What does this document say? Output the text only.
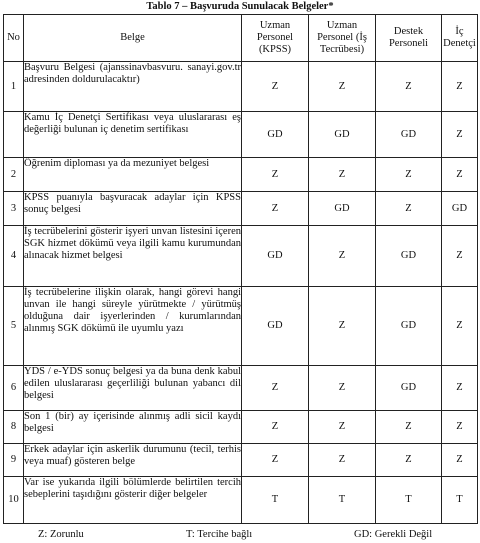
Tablo 7 – Başvuruda Sunulacak Belgeler*
No	Belge	Uzman Personel (KPSS)	Uzman Personel (İş Tecrübesi)	Destek Personeli	İç Denetçi
1	Başvuru Belgesi (ajanssinavbasvuru. sanayi.gov.tr adresinden doldurulacaktır)	Z	Z	Z	Z
	Kamu İç Denetçi Sertifikası veya uluslararası eş değerliği bulunan iç denetim sertifikası	GD	GD	GD	Z
2	Öğrenim diploması ya da mezuniyet belgesi	Z	Z	Z	Z
3	KPSS puanıyla başvuracak adaylar için KPSS sonuç belgesi	Z	GD	Z	GD
4	İş tecrübelerini gösterir işyeri unvan listesini içeren SGK hizmet dökümü veya ilgili kamu kurumundan alınacak hizmet belgesi	GD	Z	GD	Z
5	İş tecrübelerine ilişkin olarak, hangi görevi hangi unvan ile hangi süreyle yürütmekte / yürütmüş olduğuna dair işyerlerinden / kurumlarından alınmış SGK dökümü ile uyumlu yazı	GD	Z	GD	Z
6	YDS / e-YDS sonuç belgesi ya da buna denk kabul edilen uluslararası geçerliliği bulunan yabancı dil belgesi	Z	Z	GD	Z
8	Son 1 (bir) ay içerisinde alınmış adli sicil kaydı belgesi	Z	Z	Z	Z
9	Erkek adaylar için askerlik durumunu (tecil, terhis veya muaf) gösteren belge	Z	Z	Z	Z
10	Var ise yukarıda ilgili bölümlerde belirtilen tercih sebeplerini taşıdığını gösterir diğer belgeler	T	T	T	T
Z: Zorunlu	T: Tercihe bağlı	GD: Gerekli Değil
